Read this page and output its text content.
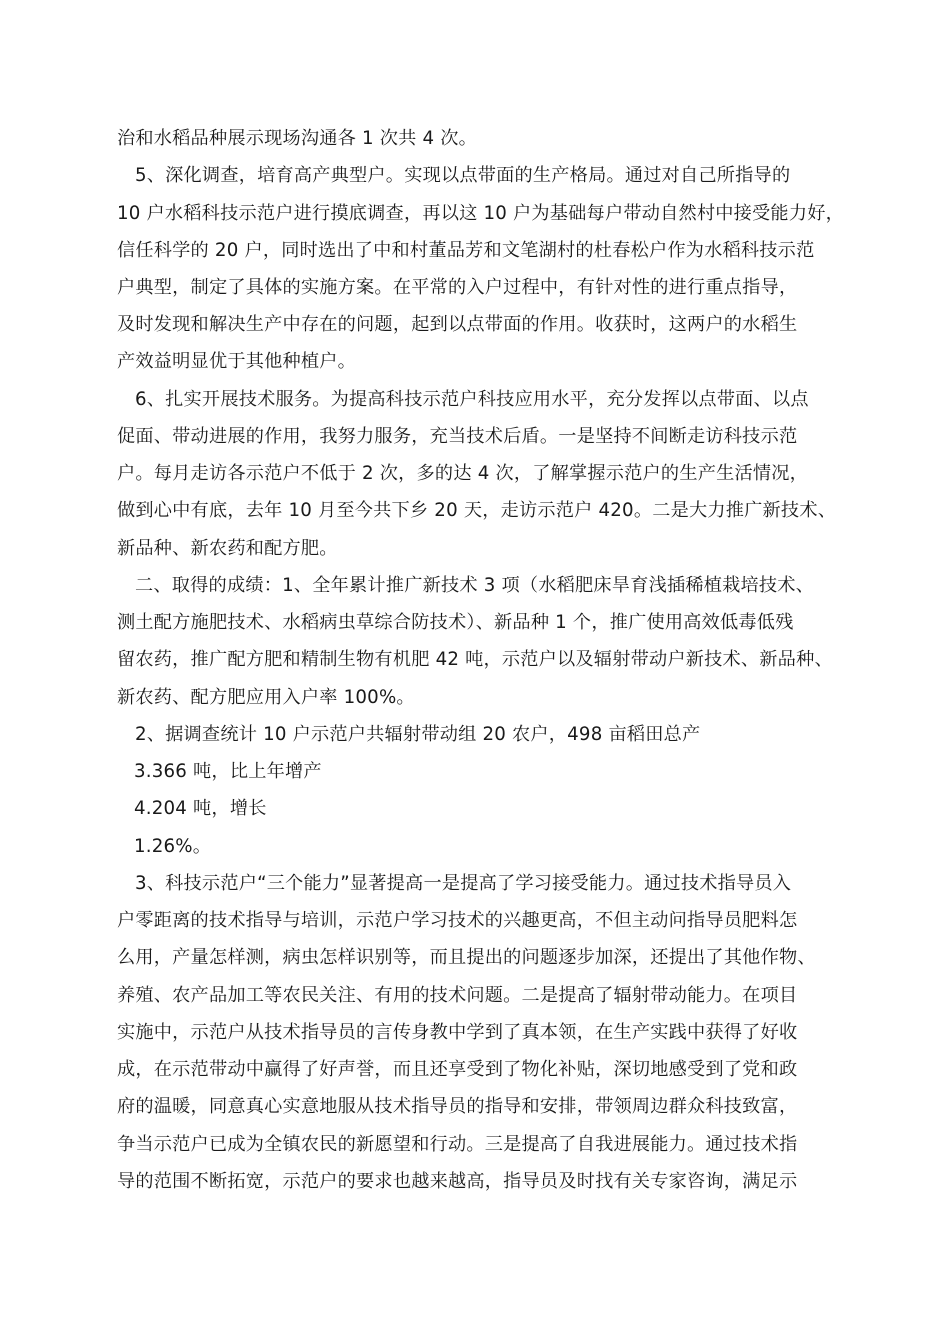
治和水稻品种展示现场沟通各 1 次共 4 次。
5、深化调查，培育高产典型户。实现以点带面的生产格局。通过对自己所指导的
10 户水稻科技示范户进行摸底调查，再以这 10 户为基础每户带动自然村中接受能力好，
信任科学的 20 户，同时选出了中和村董品芳和文笔湖村的杜春松户作为水稻科技示范
户典型，制定了具体的实施方案。在平常的入户过程中，有针对性的进行重点指导，
及时发现和解决生产中存在的问题，起到以点带面的作用。收获时，这两户的水稻生
产效益明显优于其他种植户。
6、扎实开展技术服务。为提高科技示范户科技应用水平，充分发挥以点带面、以点
促面、带动进展的作用，我努力服务，充当技术后盾。一是坚持不间断走访科技示范
户。每月走访各示范户不低于 2 次，多的达 4 次，了解掌握示范户的生产生活情况，
做到心中有底，去年 10 月至今共下乡 20 天，走访示范户 420。二是大力推广新技术、
新品种、新农药和配方肥。
二、取得的成绩：1、全年累计推广新技术 3 项（水稻肥床旱育浅插稀植栽培技术、
测土配方施肥技术、水稻病虫草综合防技术）、新品种 1 个，推广使用高效低毒低残
留农药，推广配方肥和精制生物有机肥 42 吨，示范户以及辐射带动户新技术、新品种、
新农药、配方肥应用入户率 100%。
2、据调查统计 10 户示范户共辐射带动组 20 农户，498 亩稻田总产
3.366 吨，比上年增产
4.204 吨，增长
1.26%。
3、科技示范户“三个能力”显著提高一是提高了学习接受能力。通过技术指导员入
户零距离的技术指导与培训，示范户学习技术的兴趣更高，不但主动问指导员肥料怎
么用，产量怎样测，病虫怎样识别等，而且提出的问题逐步加深，还提出了其他作物、
养殖、农产品加工等农民关注、有用的技术问题。二是提高了辐射带动能力。在项目
实施中，示范户从技术指导员的言传身教中学到了真本领，在生产实践中获得了好收
成，在示范带动中赢得了好声誉，而且还享受到了物化补贴，深切地感受到了党和政
府的温暖，同意真心实意地服从技术指导员的指导和安排，带领周边群众科技致富，
争当示范户已成为全镇农民的新愿望和行动。三是提高了自我进展能力。通过技术指
导的范围不断拓宽，示范户的要求也越来越高，指导员及时找有关专家咨询，满足示
